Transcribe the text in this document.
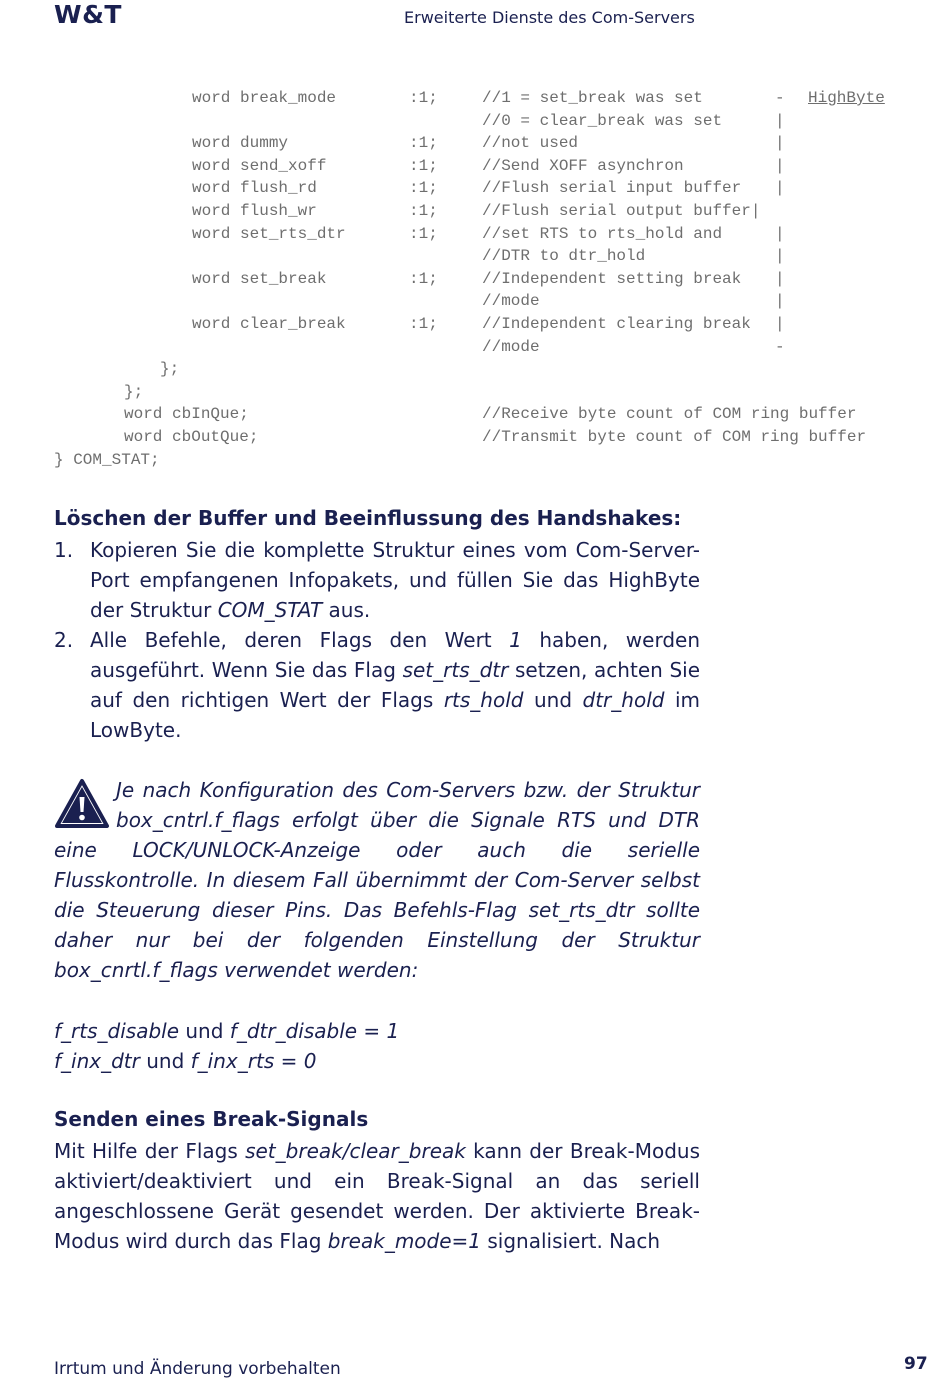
W&T	Erweiterte Dienste des Com-Servers
word break_mode	:1;	//1 = set_break was set	- HighByte
//0 = clear_break was set	|
word dummy	:1;	//not used	|
word send_xoff	:1;	//Send XOFF asynchron	|
word flush_rd	:1;	//Flush serial input buffer |
word flush_wr	:1;	//Flush serial output buffer|
word set_rts_dtr	:1;	//set RTS to rts_hold and	|
//DTR to dtr_hold	|
word set_break	:1;	//Independent setting break |
//mode	|
word clear_break	:1;	//Independent clearing break |
//mode	-
};
};
word cbInQue;	//Receive byte count of COM ring buffer
word cbOutQue;	//Transmit byte count of COM ring buffer
} COM_STAT;
Löschen der Buffer und Beeinflussung des Handshakes:
1. Kopieren Sie die komplette Struktur eines vom Com-Server-Port empfangenen Infopakets, und füllen Sie das HighByte der Struktur COM_STAT aus.
2. Alle Befehle, deren Flags den Wert 1 haben, werden ausgeführt. Wenn Sie das Flag set_rts_dtr setzen, achten Sie auf den richtigen Wert der Flags rts_hold und dtr_hold im LowByte.

Je nach Konfiguration des Com-Servers bzw. der Struktur box_cntrl.f_flags erfolgt über die Signale RTS und DTR eine LOCK/UNLOCK-Anzeige oder auch die serielle Flusskontrolle. In diesem Fall übernimmt der Com-Server selbst die Steuerung dieser Pins. Das Befehls-Flag set_rts_dtr sollte daher nur bei der folgenden Einstellung der Struktur box_cnrtl.f_flags verwendet werden:

f_rts_disable und f_dtr_disable = 1
f_inx_dtr und f_inx_rts = 0
Senden eines Break-Signals

Mit Hilfe der Flags set_break/clear_break kann der Break-Modus aktiviert/deaktiviert und ein Break-Signal an das seriell angeschlossene Gerät gesendet werden. Der aktivierte Break-Modus wird durch das Flag break_mode=1 signalisiert. Nach

Irrtum und Änderung vorbehalten	97
